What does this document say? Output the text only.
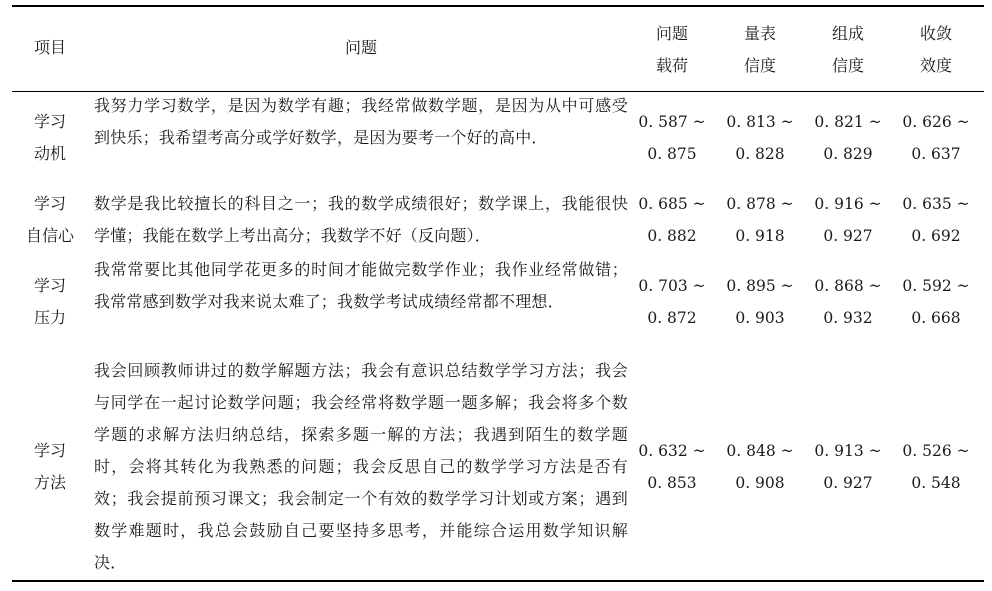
项目	问题
问题
载荷
量表
信度
组成
信度
收敛
效度
学习
动机
我努力学习数学，是因为数学有趣；我经常做数学题，是因为从中可感受到快乐；我希望考高分或学好数学，是因为要考一个好的高中．
0. 587 ~
0. 875
0. 813 ~
0. 828
0. 821 ~
0. 829
0. 626 ~
0. 637
学习
自信心
数学是我比较擅长的科目之一；我的数学成绩很好；数学课上，我能很快学懂；我能在数学上考出高分；我数学不好（反向题）．
0. 685 ~
0. 882
0. 878 ~
0. 918
0. 916 ~
0. 927
0. 635 ~
0. 692
学习
压力
我常常要比其他同学花更多的时间才能做完数学作业；我作业经常做错；我常常感到数学对我来说太难了；我数学考试成绩经常都不理想．
0. 703 ~
0. 872
0. 895 ~
0. 903
0. 868 ~
0. 932
0. 592 ~
0. 668
学习
方法
我会回顾教师讲过的数学解题方法；我会有意识总结数学学习方法；我会与同学在一起讨论数学问题；我会经常将数学题一题多解；我会将多个数学题的求解方法归纳总结，探索多题一解的方法；我遇到陌生的数学题时，会将其转化为我熟悉的问题；我会反思自己的数学学习方法是否有效；我会提前预习课文；我会制定一个有效的数学学习计划或方案；遇到数学难题时，我总会鼓励自己要坚持多思考，并能综合运用数学知识解决．
0. 632 ~
0. 853
0. 848 ~
0. 908
0. 913 ~
0. 927
0. 526 ~
0. 548
